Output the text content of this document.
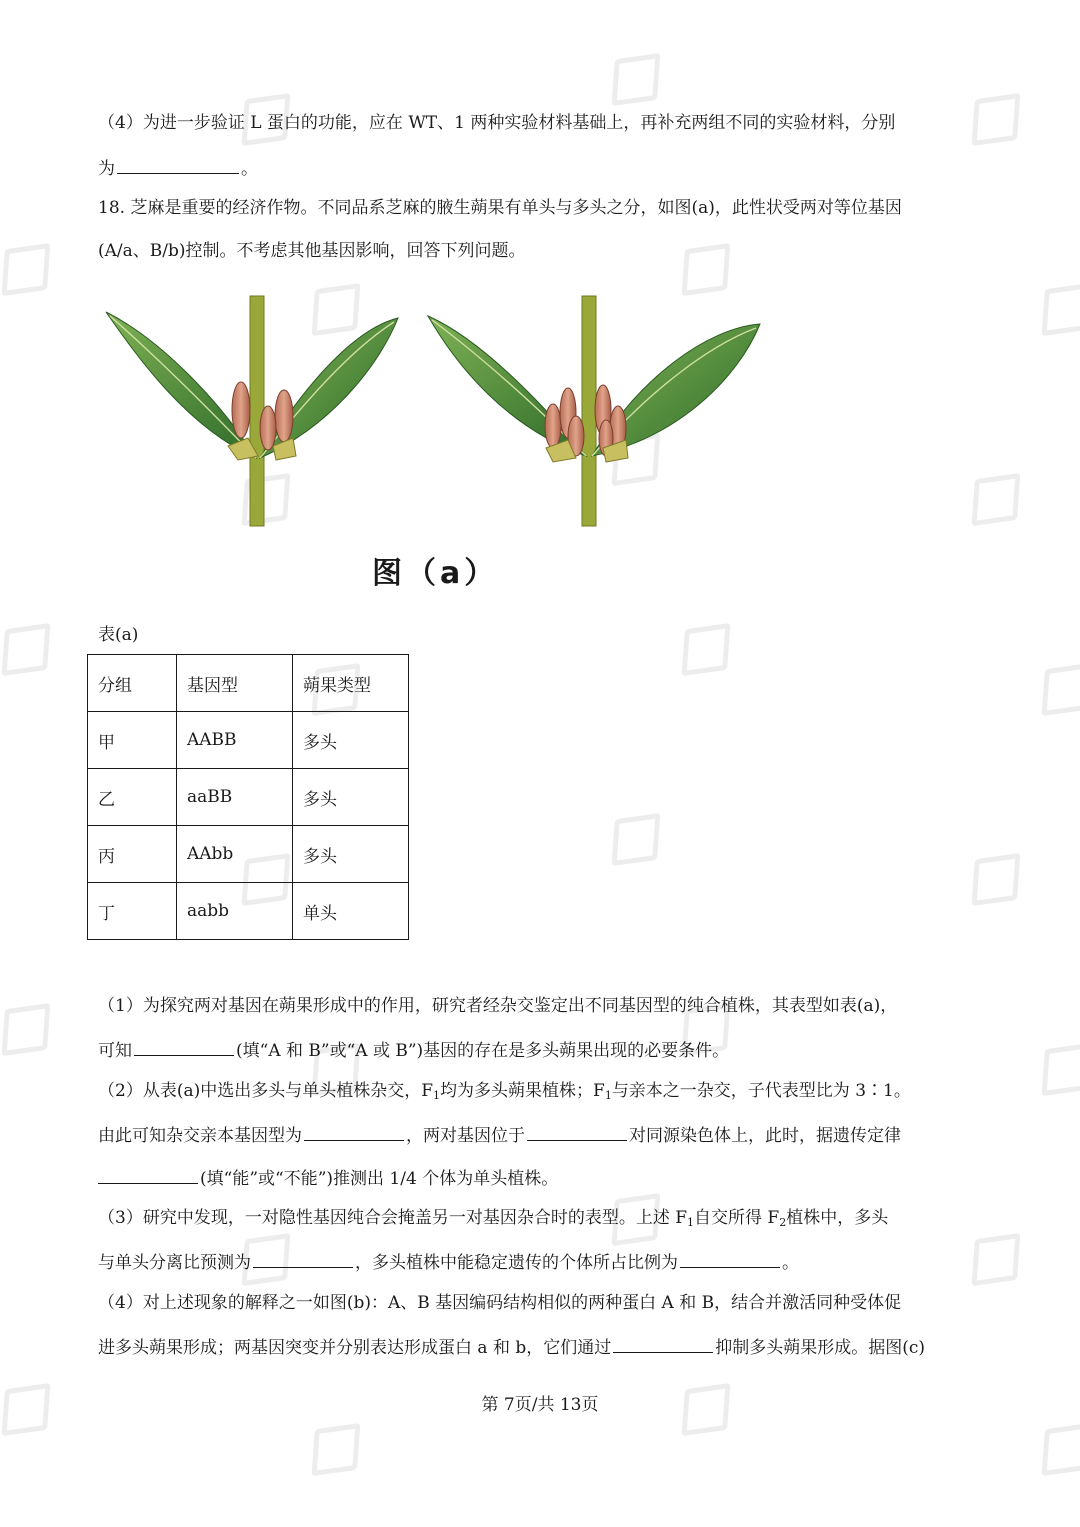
（4）为进一步验证 L 蛋白的功能，应在 WT、1 两种实验材料基础上，再补充两组不同的实验材料，分别
为	。
18. 芝麻是重要的经济作物。不同品系芝麻的腋生蒴果有单头与多头之分，如图(a)，此性状受两对等位基因
(A/a、B/b)控制。不考虑其他基因影响，回答下列问题。
图（a）
表(a)
分组	基因型	蒴果类型
甲	AABB	多头
乙	aaBB	多头
丙	AAbb	多头
丁	aabb	单头
（1）为探究两对基因在蒴果形成中的作用，研究者经杂交鉴定出不同基因型的纯合植株，其表型如表(a)，
可知	(填“A 和 B”或“A 或 B”)基因的存在是多头蒴果出现的必要条件。
（2）从表(a)中选出多头与单头植株杂交，$F_1$均为多头蒴果植株；$F_1$与亲本之一杂交，子代表型比为 3∶1。
由此可知杂交亲本基因型为	，两对基因位于	对同源染色体上，此时，据遗传定律
(填“能”或“不能”)推测出 1/4 个体为单头植株。
（3）研究中发现，一对隐性基因纯合会掩盖另一对基因杂合时的表型。上述 $F_1$自交所得 $F_2$植株中，多头
与单头分离比预测为	，多头植株中能稳定遗传的个体所占比例为	。
（4）对上述现象的解释之一如图(b)：A、B 基因编码结构相似的两种蛋白 A 和 B，结合并激活同种受体促
进多头蒴果形成；两基因突变并分别表达形成蛋白 a 和 b，它们通过	抑制多头蒴果形成。据图(c)
第 7页/共 13页
